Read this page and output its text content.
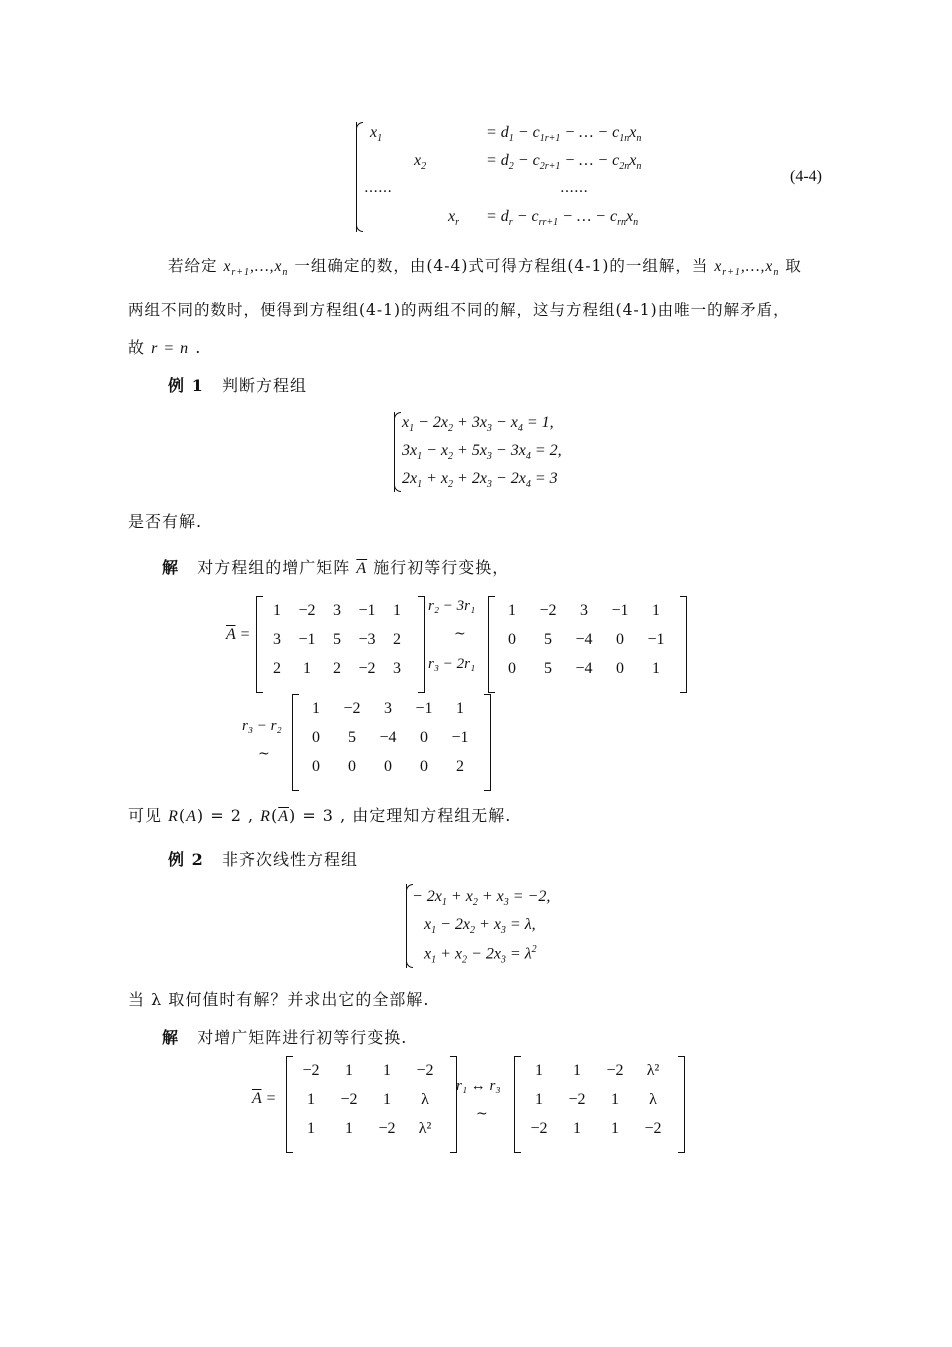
$x_1$	= $d_1 - c_{1r+1}$ − … − $c_{1n}x_n$
$x_2$	= $d_2 - c_{2r+1}$ − … − $c_{2n}x_n$
……	……
$x_r = d_r - c_{rr+1}$ − … − $c_{rn}x_n$
(4-4)
若给定 $x_{r+1},\dots,x_n$ 一组确定的数，由(4-4)式可得方程组(4-1)的一组解，当 $x_{r+1},\dots,x_n$ 取
两组不同的数时，便得到方程组(4-1)的两组不同的解，这与方程组(4-1)由唯一的解矛盾，
故 r = n .
例 1 判断方程组
$x_1 - 2x_2 + 3x_3 - x_4 = 1$,
$3x_1 - x_2 + 5x_3 - 3x_4 = 2$,
$2x_1 + x_2 + 2x_3 - 2x_4 = 3$
是否有解.
解   对方程组的增广矩阵 $\overline{A}$ 施行初等行变换，
$\overline{A}$ =
1	−2	3	−1	1
3	−1	5	−3	2
2	1	2	−2	3
r₂ − 3r₁
~
r₃ − 2r₁
1	−2	3	−1	1
0	5	−4	0	−1
0	5	−4	0	1
r₃ − r₂
~
1	−2	3	−1	1
0	5	−4	0	−1
0	0	0	0	2
可见 R(A) = 2 , $R(\overline{A}) = 3$ , 由定理知方程组无解.
例 2 非齐次线性方程组
− $2x_1 + x_2 + x_3 = -2$,
$x_1 - 2x_2 + x_3 = \lambda$,
$x_1 + x_2 - 2x_3 = \lambda^2$
当 λ 取何值时有解？并求出它的全部解.
解 对增广矩阵进行初等行变换.
$\overline{A}$ =
−2	1	1	−2
1	−2	1	λ
1	1	−2	λ²
r₁ ↔ r₃
~
1	1	−2	λ²
1	−2	1	λ
−2	1	1	−2
